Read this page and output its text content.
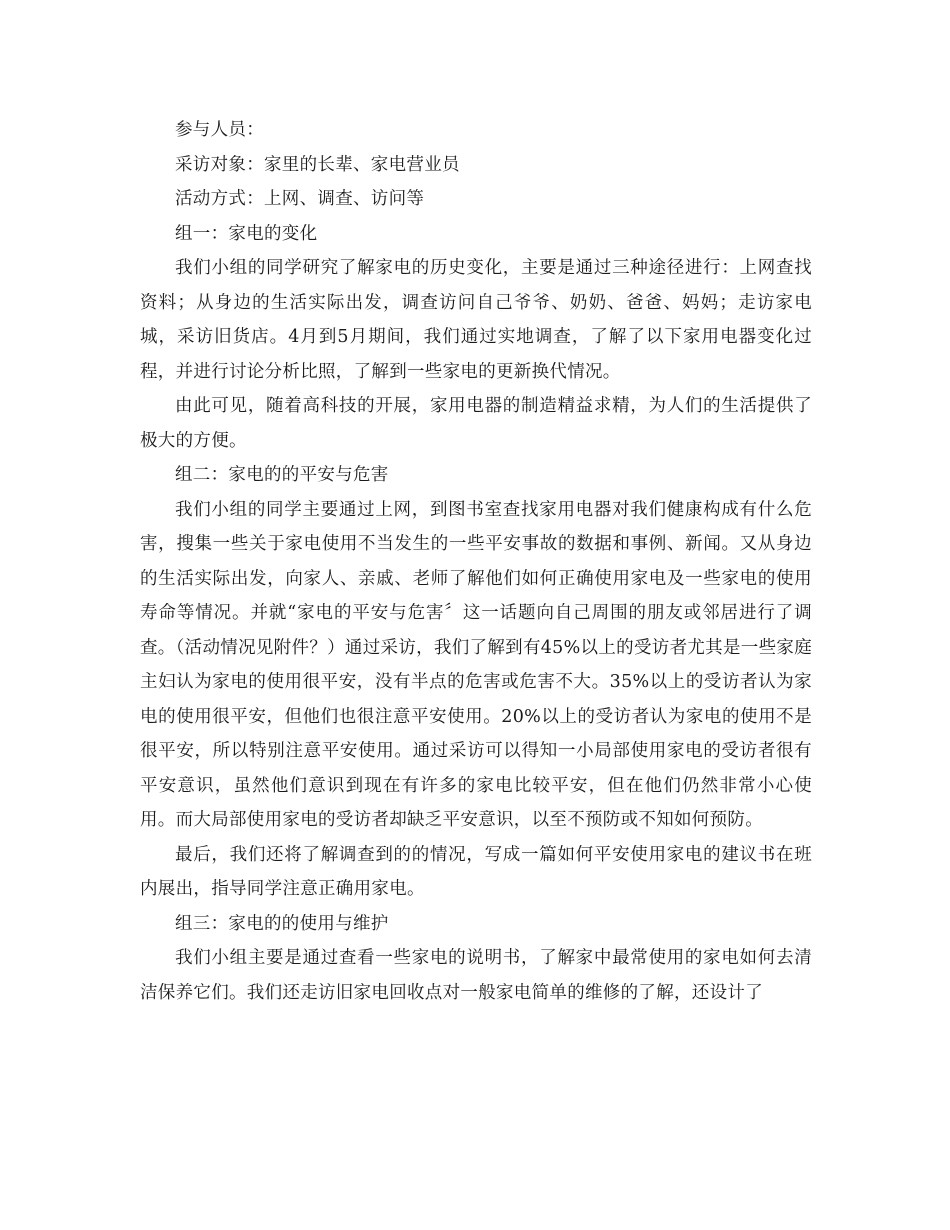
参与人员：

采访对象：家里的长辈、家电营业员

活动方式：上网、调查、访问等

组一：家电的变化

我们小组的同学研究了解家电的历史变化，主要是通过三种途径进行：上网查找资料；从身边的生活实际出发，调查访问自己爷爷、奶奶、爸爸、妈妈；走访家电城，采访旧货店。4月到5月期间，我们通过实地调查，了解了以下家用电器变化过程，并进行讨论分析比照，了解到一些家电的更新换代情况。

由此可见，随着高科技的开展，家用电器的制造精益求精，为人们的生活提供了极大的方便。

组二：家电的的平安与危害

我们小组的同学主要通过上网，到图书室查找家用电器对我们健康构成有什么危害，搜集一些关于家电使用不当发生的一些平安事故的数据和事例、新闻。又从身边的生活实际出发，向家人、亲戚、老师了解他们如何正确使用家电及一些家电的使用寿命等情况。并就“家电的平安与危害〞这一话题向自己周围的朋友或邻居进行了调查。（活动情况见附件？）通过采访，我们了解到有45%以上的受访者尤其是一些家庭主妇认为家电的使用很平安，没有半点的危害或危害不大。35%以上的受访者认为家电的使用很平安，但他们也很注意平安使用。20%以上的受访者认为家电的使用不是很平安，所以特别注意平安使用。通过采访可以得知一小局部使用家电的受访者很有平安意识，虽然他们意识到现在有许多的家电比较平安，但在他们仍然非常小心使用。而大局部使用家电的受访者却缺乏平安意识，以至不预防或不知如何预防。

最后，我们还将了解调查到的的情况，写成一篇如何平安使用家电的建议书在班内展出，指导同学注意正确用家电。

组三：家电的的使用与维护

我们小组主要是通过查看一些家电的说明书，了解家中最常使用的家电如何去清洁保养它们。我们还走访旧家电回收点对一般家电简单的维修的了解，还设计了
